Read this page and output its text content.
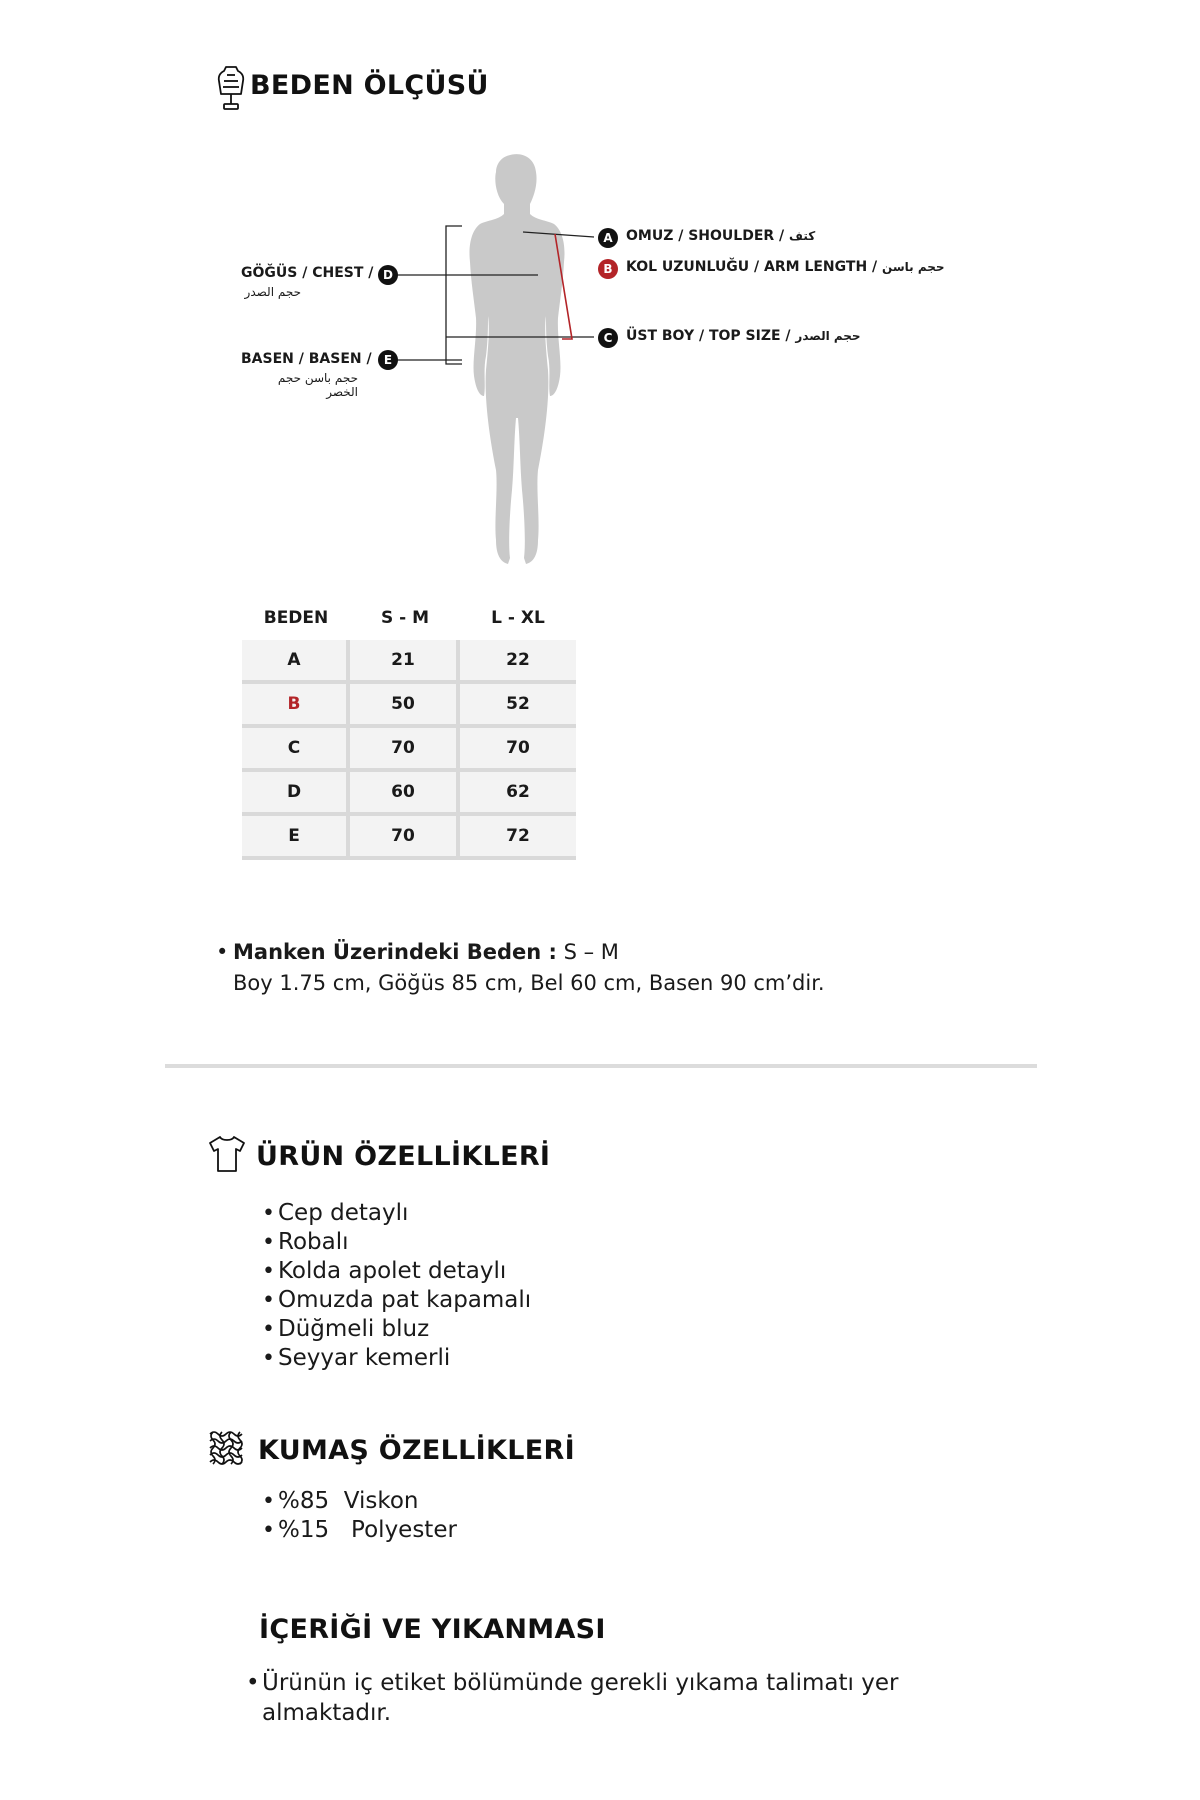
BEDEN ÖLÇÜSÜ
A OMUZ / SHOULDER / كتف
B KOL UZUNLUĞU / ARM LENGTH / حجم باسن
C ÜST BOY / TOP SIZE / حجم الصدر
GÖĞÜS / CHEST /
حجم الصدر
D
BASEN / BASEN /
حجم باسن حجم الخصر
E
BEDEN	S - M	L - XL
A	21	22
B	50	52
C	70	70
D	60	62
E	70	72
• Manken Üzerindeki Beden : S – M
Boy 1.75 cm, Göğüs 85 cm, Bel 60 cm, Basen 90 cm’dir.
ÜRÜN ÖZELLİKLERİ
• Cep detaylı
• Robalı
• Kolda apolet detaylı
• Omuzda pat kapamalı
• Düğmeli bluz
• Seyyar kemerli
KUMAŞ ÖZELLİKLERİ
• %85  Viskon
• %15   Polyester
İÇERİĞİ VE YIKANMASI
• Ürünün iç etiket bölümünde gerekli yıkama talimatı yer almaktadır.
